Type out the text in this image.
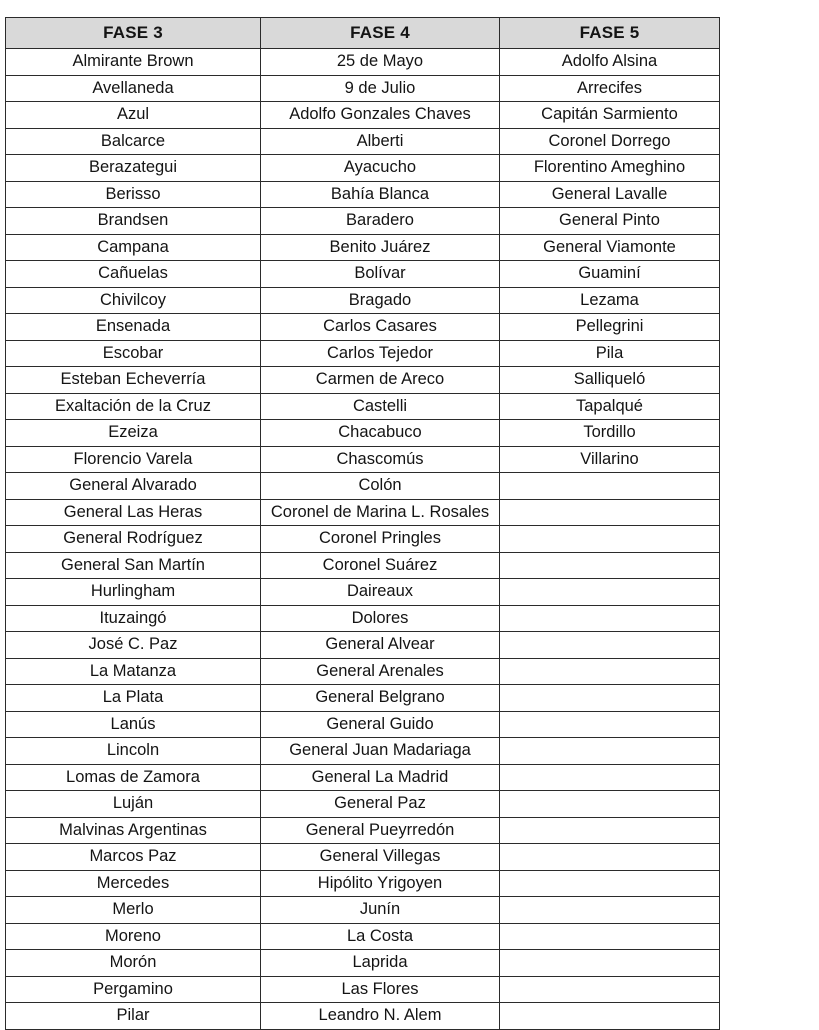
FASE 3	FASE 4	FASE 5
Almirante Brown	25 de Mayo	Adolfo Alsina
Avellaneda	9 de Julio	Arrecifes
Azul	Adolfo Gonzales Chaves	Capitán Sarmiento
Balcarce	Alberti	Coronel Dorrego
Berazategui	Ayacucho	Florentino Ameghino
Berisso	Bahía Blanca	General Lavalle
Brandsen	Baradero	General Pinto
Campana	Benito Juárez	General Viamonte
Cañuelas	Bolívar	Guaminí
Chivilcoy	Bragado	Lezama
Ensenada	Carlos Casares	Pellegrini
Escobar	Carlos Tejedor	Pila
Esteban Echeverría	Carmen de Areco	Salliqueló
Exaltación de la Cruz	Castelli	Tapalqué
Ezeiza	Chacabuco	Tordillo
Florencio Varela	Chascomús	Villarino
General Alvarado	Colón	
General Las Heras	Coronel de Marina L. Rosales	
General Rodríguez	Coronel Pringles	
General San Martín	Coronel Suárez	
Hurlingham	Daireaux	
Ituzaingó	Dolores	
José C. Paz	General Alvear	
La Matanza	General Arenales	
La Plata	General Belgrano	
Lanús	General Guido	
Lincoln	General Juan Madariaga	
Lomas de Zamora	General La Madrid	
Luján	General Paz	
Malvinas Argentinas	General Pueyrredón	
Marcos Paz	General Villegas	
Mercedes	Hipólito Yrigoyen	
Merlo	Junín	
Moreno	La Costa	
Morón	Laprida	
Pergamino	Las Flores	
Pilar	Leandro N. Alem	
